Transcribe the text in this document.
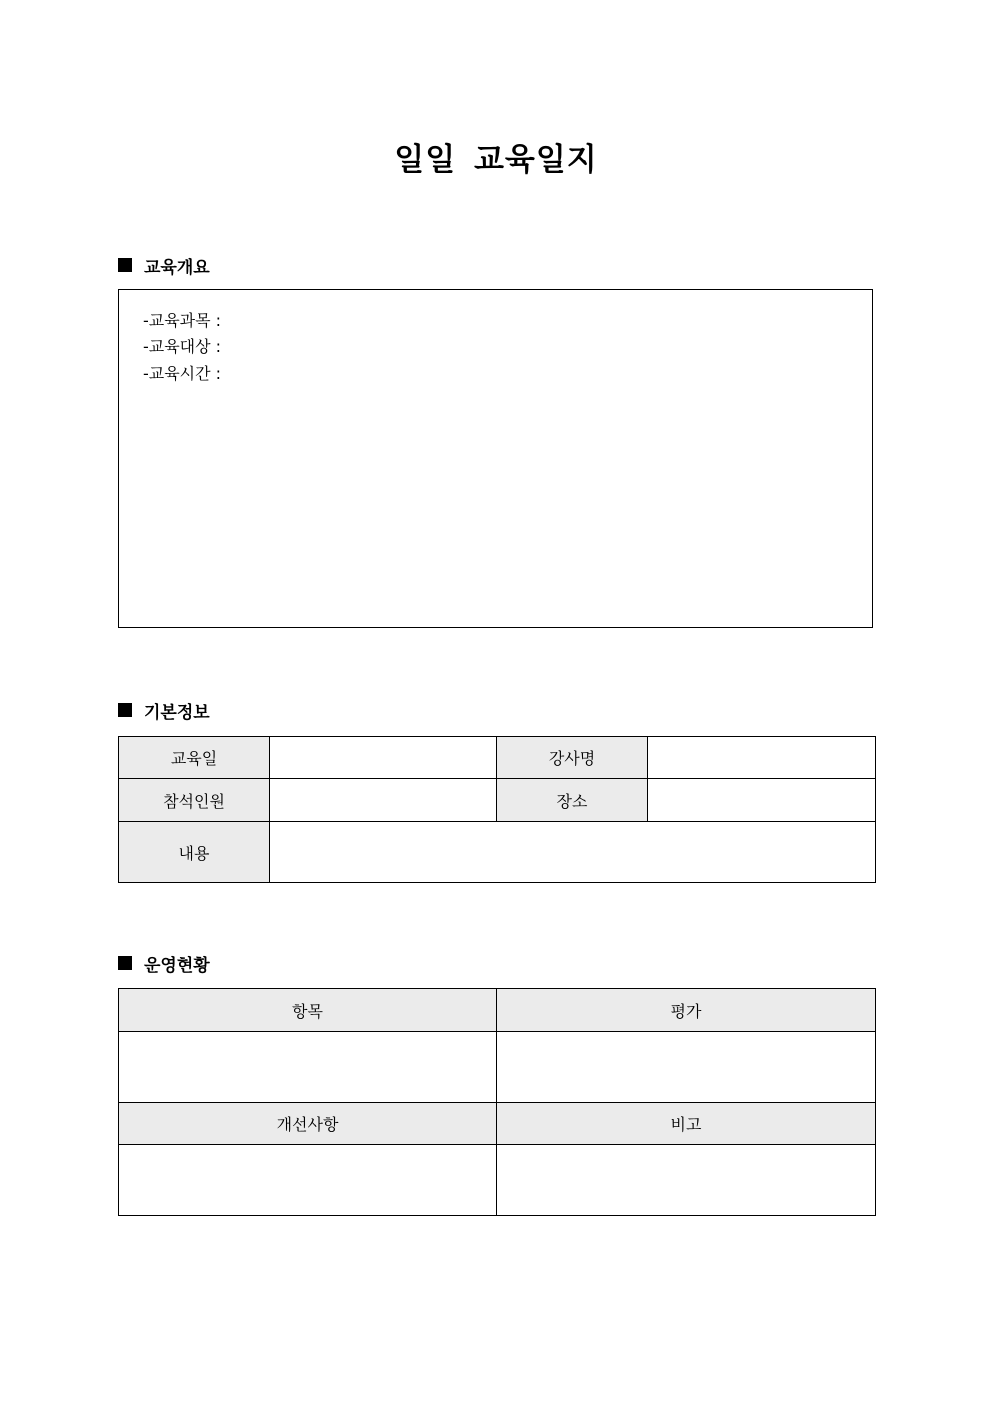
일일 교육일지
교육개요
-교육과목 :
-교육대상 :
-교육시간 :
기본정보
교육일		강사명	
참석인원		장소	
내용			
운영현황
항목	평가

개선사항	비고
